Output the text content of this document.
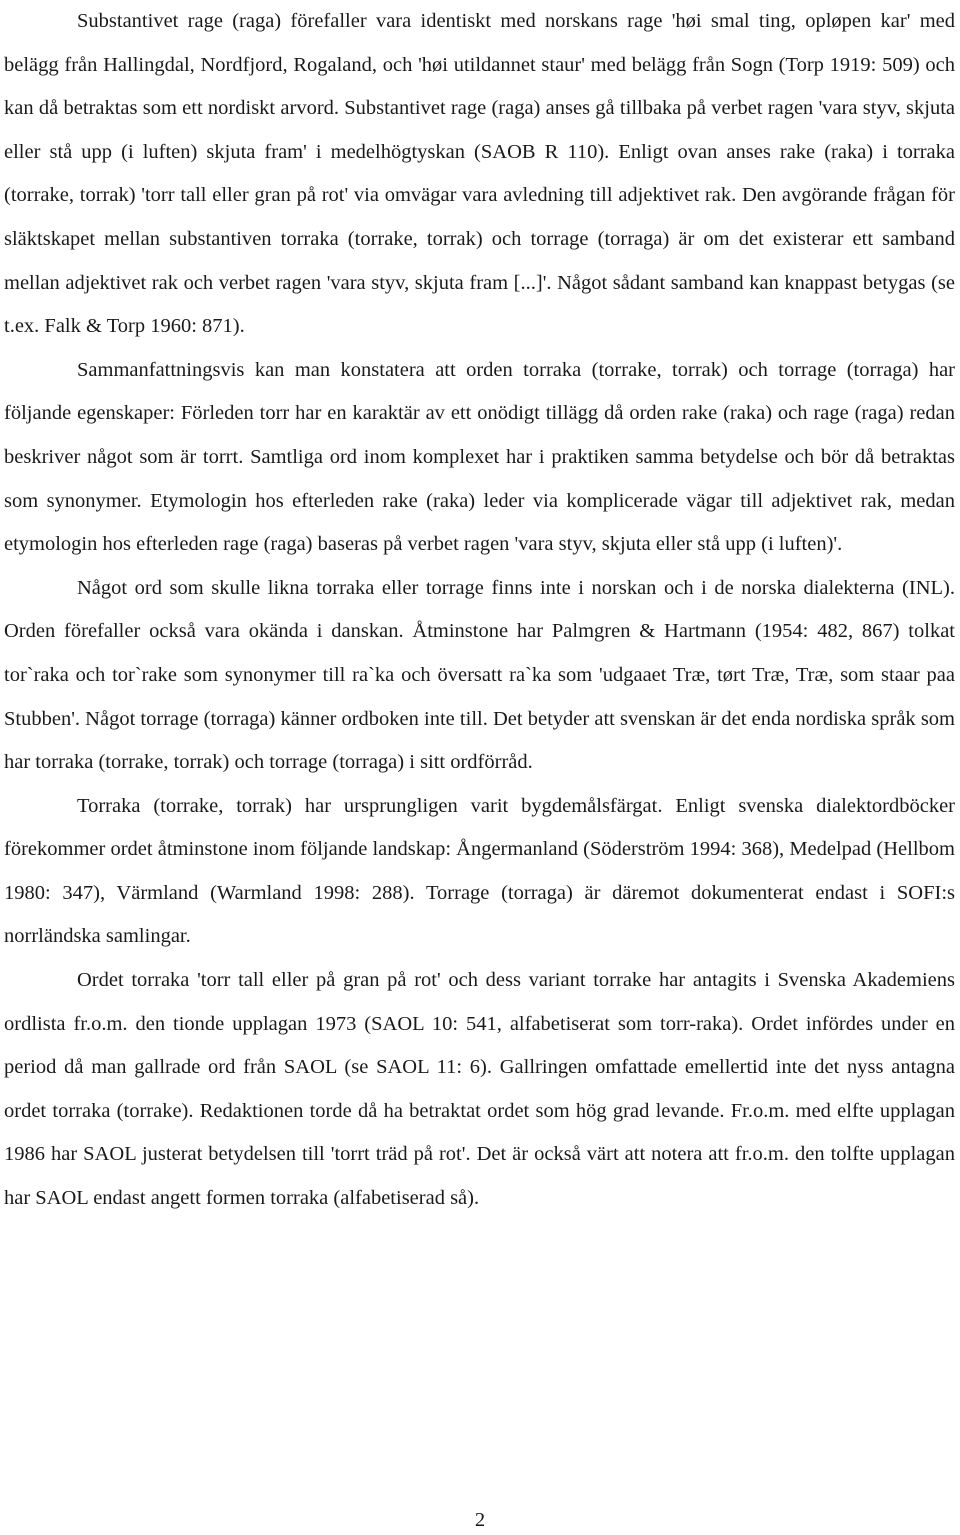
Substantivet rage (raga) förefaller vara identiskt med norskans rage 'høi smal ting, opløpen kar' med belägg från Hallingdal, Nordfjord, Rogaland, och 'høi utildannet staur' med belägg från Sogn (Torp 1919: 509) och kan då betraktas som ett nordiskt arvord. Substantivet rage (raga) anses gå tillbaka på verbet ragen 'vara styv, skjuta eller stå upp (i luften) skjuta fram' i medelhögtyskan (SAOB R 110). Enligt ovan anses rake (raka) i torraka (torrake, torrak) 'torr tall eller gran på rot' via omvägar vara avledning till adjektivet rak. Den avgörande frågan för släktskapet mellan substantiven torraka (torrake, torrak) och torrage (torraga) är om det existerar ett samband mellan adjektivet rak och verbet ragen 'vara styv, skjuta fram [...]'. Något sådant samband kan knappast betygas (se t.ex. Falk & Torp 1960: 871).

Sammanfattningsvis kan man konstatera att orden torraka (torrake, torrak) och torrage (torraga) har följande egenskaper: Förleden torr har en karaktär av ett onödigt tillägg då orden rake (raka) och rage (raga) redan beskriver något som är torrt. Samtliga ord inom komplexet har i praktiken samma betydelse och bör då betraktas som synonymer. Etymologin hos efterleden rake (raka) leder via komplicerade vägar till adjektivet rak, medan etymologin hos efterleden rage (raga) baseras på verbet ragen 'vara styv, skjuta eller stå upp (i luften)'.

Något ord som skulle likna torraka eller torrage finns inte i norskan och i de norska dialekterna (INL). Orden förefaller också vara okända i danskan. Åtminstone har Palmgren & Hartmann (1954: 482, 867) tolkat tor`raka och tor`rake som synonymer till ra`ka och översatt ra`ka som 'udgaaet Træ, tørt Træ, Træ, som staar paa Stubben'. Något torrage (torraga) känner ordboken inte till. Det betyder att svenskan är det enda nordiska språk som har torraka (torrake, torrak) och torrage (torraga) i sitt ordförråd.

Torraka (torrake, torrak) har ursprungligen varit bygdemålsfärgat. Enligt svenska dialektordböcker förekommer ordet åtminstone inom följande landskap: Ångermanland (Söderström 1994: 368), Medelpad (Hellbom 1980: 347), Värmland (Warmland 1998: 288). Torrage (torraga) är däremot dokumenterat endast i SOFI:s norrländska samlingar.

Ordet torraka 'torr tall eller på gran på rot' och dess variant torrake har antagits i Svenska Akademiens ordlista fr.o.m. den tionde upplagan 1973 (SAOL 10: 541, alfabetiserat som torr-raka). Ordet infördes under en period då man gallrade ord från SAOL (se SAOL 11: 6). Gallringen omfattade emellertid inte det nyss antagna ordet torraka (torrake). Redaktionen torde då ha betraktat ordet som hög grad levande. Fr.o.m. med elfte upplagan 1986 har SAOL justerat betydelsen till 'torrt träd på rot'. Det är också värt att notera att fr.o.m. den tolfte upplagan har SAOL endast angett formen torraka (alfabetiserad så).

2
